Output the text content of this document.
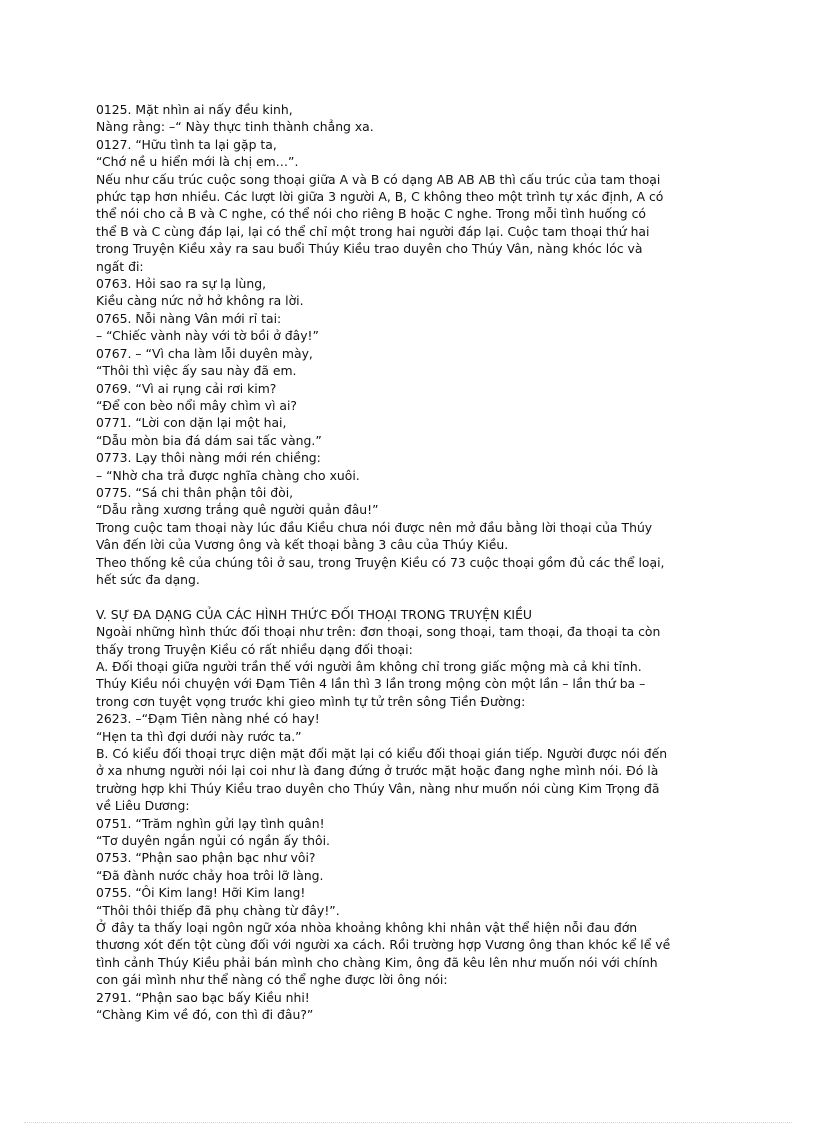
0125. Mặt nhìn ai nấy đều kinh,
Nàng rằng: –“ Này thực tinh thành chẳng xa.
0127. “Hữu tình ta lại gặp ta,
“Chớ nề u hiển mới là chị em…”.
Nếu như cấu trúc cuộc song thoại giữa A và B có dạng AB AB AB thì cấu trúc của tam thoại
phức tạp hơn nhiều. Các lượt lời giữa 3 người A, B, C không theo một trình tự xác định, A có
thể nói cho cả B và C nghe, có thể nói cho riêng B hoặc C nghe. Trong mỗi tình huống có
thể B và C cùng đáp lại, lại có thể chỉ một trong hai người đáp lại. Cuộc tam thoại thứ hai
trong Truyện Kiều xảy ra sau buổi Thúy Kiều trao duyên cho Thúy Vân, nàng khóc lóc và
ngất đi:
0763. Hỏi sao ra sự lạ lùng,
Kiều càng nức nở hở không ra lời.
0765. Nỗi nàng Vân mới rỉ tai:
– “Chiếc vành này với tờ bồi ở đây!”
0767. – “Vì cha làm lỗi duyên mày,
“Thôi thì việc ấy sau này đã em.
0769. “Vì ai rụng cải rơi kim?
“Để con bèo nổi mây chìm vì ai?
0771. “Lời con dặn lại một hai,
“Dẫu mòn bia đá dám sai tấc vàng.”
0773. Lạy thôi nàng mới rén chiềng:
– “Nhờ cha trả được nghĩa chàng cho xuôi.
0775. “Sá chi thân phận tôi đòi,
“Dẫu rằng xương trắng quê người quản đâu!”
Trong cuộc tam thoại này lúc đầu Kiều chưa nói được nên mở đầu bằng lời thoại của Thúy
Vân đến lời của Vương ông và kết thoại bằng 3 câu của Thúy Kiều.
Theo thống kê của chúng tôi ở sau, trong Truyện Kiều có 73 cuộc thoại gồm đủ các thể loại,
hết sức đa dạng.
V. SỰ ĐA DẠNG CỦA CÁC HÌNH THỨC ĐỐI THOẠI TRONG TRUYỆN KIỀU
Ngoài những hình thức đối thoại như trên: đơn thoại, song thoại, tam thoại, đa thoại ta còn
thấy trong Truyện Kiều có rất nhiều dạng đối thoại:
A. Đối thoại giữa người trần thế với người âm không chỉ trong giấc mộng mà cả khi tỉnh.
Thúy Kiều nói chuyện với Đạm Tiên 4 lần thì 3 lần trong mộng còn một lần – lần thứ ba –
trong cơn tuyệt vọng trước khi gieo mình tự tử trên sông Tiền Đường:
2623. –“Đạm Tiên nàng nhé có hay!
“Hẹn ta thì đợi dưới này rước ta.”
B. Có kiểu đối thoại trực diện mặt đối mặt lại có kiểu đối thoại gián tiếp. Người được nói đến
ở xa nhưng người nói lại coi như là đang đứng ở trước mặt hoặc đang nghe mình nói. Đó là
trường hợp khi Thúy Kiều trao duyên cho Thúy Vân, nàng như muốn nói cùng Kim Trọng đã
về Liêu Dương:
0751. “Trăm nghìn gửi lạy tình quân!
“Tơ duyên ngắn ngủi có ngần ấy thôi.
0753. “Phận sao phận bạc như vôi?
“Đã đành nước chảy hoa trôi lỡ làng.
0755. “Ôi Kim lang! Hỡi Kim lang!
“Thôi thôi thiếp đã phụ chàng từ đây!”.
Ở đây ta thấy loại ngôn ngữ xóa nhòa khoảng không khi nhân vật thể hiện nỗi đau đớn
thương xót đến tột cùng đối với người xa cách. Rồi trường hợp Vương ông than khóc kể lể về
tình cảnh Thúy Kiều phải bán mình cho chàng Kim, ông đã kêu lên như muốn nói với chính
con gái mình như thể nàng có thể nghe được lời ông nói:
2791. “Phận sao bạc bấy Kiều nhi!
“Chàng Kim về đó, con thì đi đâu?”
